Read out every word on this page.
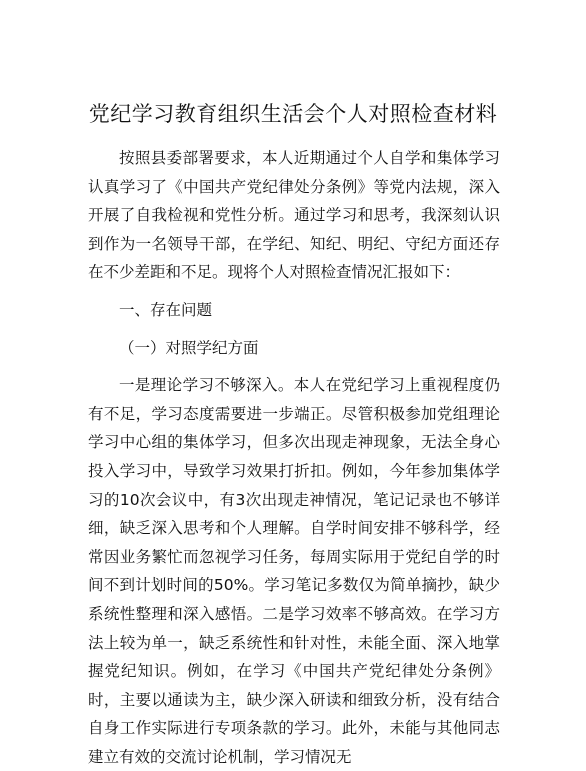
党纪学习教育组织生活会个人对照检查材料

按照县委部署要求，本人近期通过个人自学和集体学习认真学习了《中国共产党纪律处分条例》等党内法规，深入开展了自我检视和党性分析。通过学习和思考，我深刻认识到作为一名领导干部，在学纪、知纪、明纪、守纪方面还存在不少差距和不足。现将个人对照检查情况汇报如下：

一、存在问题

（一）对照学纪方面

一是理论学习不够深入。本人在党纪学习上重视程度仍有不足，学习态度需要进一步端正。尽管积极参加党组理论学习中心组的集体学习，但多次出现走神现象，无法全身心投入学习中，导致学习效果打折扣。例如，今年参加集体学习的10次会议中，有3次出现走神情况，笔记记录也不够详细，缺乏深入思考和个人理解。自学时间安排不够科学，经常因业务繁忙而忽视学习任务，每周实际用于党纪自学的时间不到计划时间的50%。学习笔记多数仅为简单摘抄，缺少系统性整理和深入感悟。二是学习效率不够高效。在学习方法上较为单一，缺乏系统性和针对性，未能全面、深入地掌握党纪知识。例如，在学习《中国共产党纪律处分条例》时，主要以通读为主，缺少深入研读和细致分析，没有结合自身工作实际进行专项条款的学习。此外，未能与其他同志建立有效的交流讨论机制，学习情况无
